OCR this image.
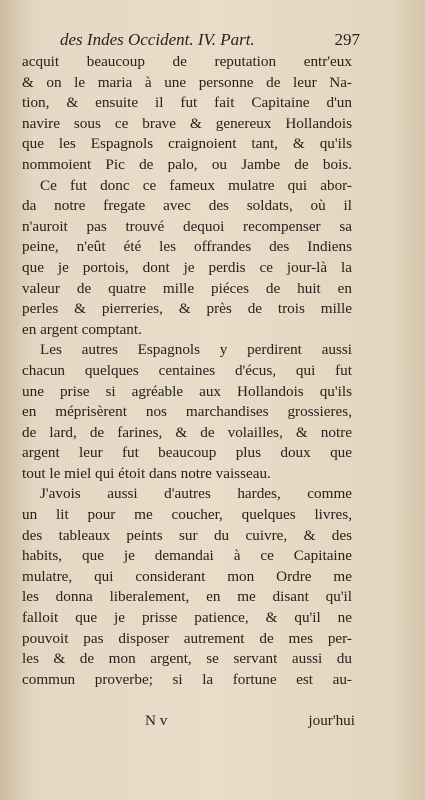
des Indes Occident. IV. Part.	297
acquit beaucoup de reputation entr'eux
& on le maria à une personne de leur Na-
tion, & ensuite il fut fait Capitaine d'un
navire sous ce brave & genereux Hollandois
que les Espagnols craignoient tant, & qu'ils
nommoient Pic de palo, ou Jambe de bois.
Ce fut donc ce fameux mulatre qui abor-
da notre fregate avec des soldats, où il
n'auroit pas trouvé dequoi recompenser sa
peine, n'eût été les offrandes des Indiens
que je portois, dont je perdis ce jour-là la
valeur de quatre mille piéces de huit en
perles & pierreries, & près de trois mille
en argent comptant.
Les autres Espagnols y perdirent aussi
chacun quelques centaines d'écus, qui fut
une prise si agréable aux Hollandois qu'ils
en méprisèrent nos marchandises grossieres,
de lard, de farines, & de volailles, & notre
argent leur fut beaucoup plus doux que
tout le miel qui étoit dans notre vaisseau.
J'avois aussi d'autres hardes, comme
un lit pour me coucher, quelques livres,
des tableaux peints sur du cuivre, & des
habits, que je demandai à ce Capitaine
mulatre, qui considerant mon Ordre me
les donna liberalement, en me disant qu'il
falloit que je prisse patience, & qu'il ne
pouvoit pas disposer autrement de mes per-
les & de mon argent, se servant aussi du
commun proverbe; si la fortune est au-
N v	jour'hui
